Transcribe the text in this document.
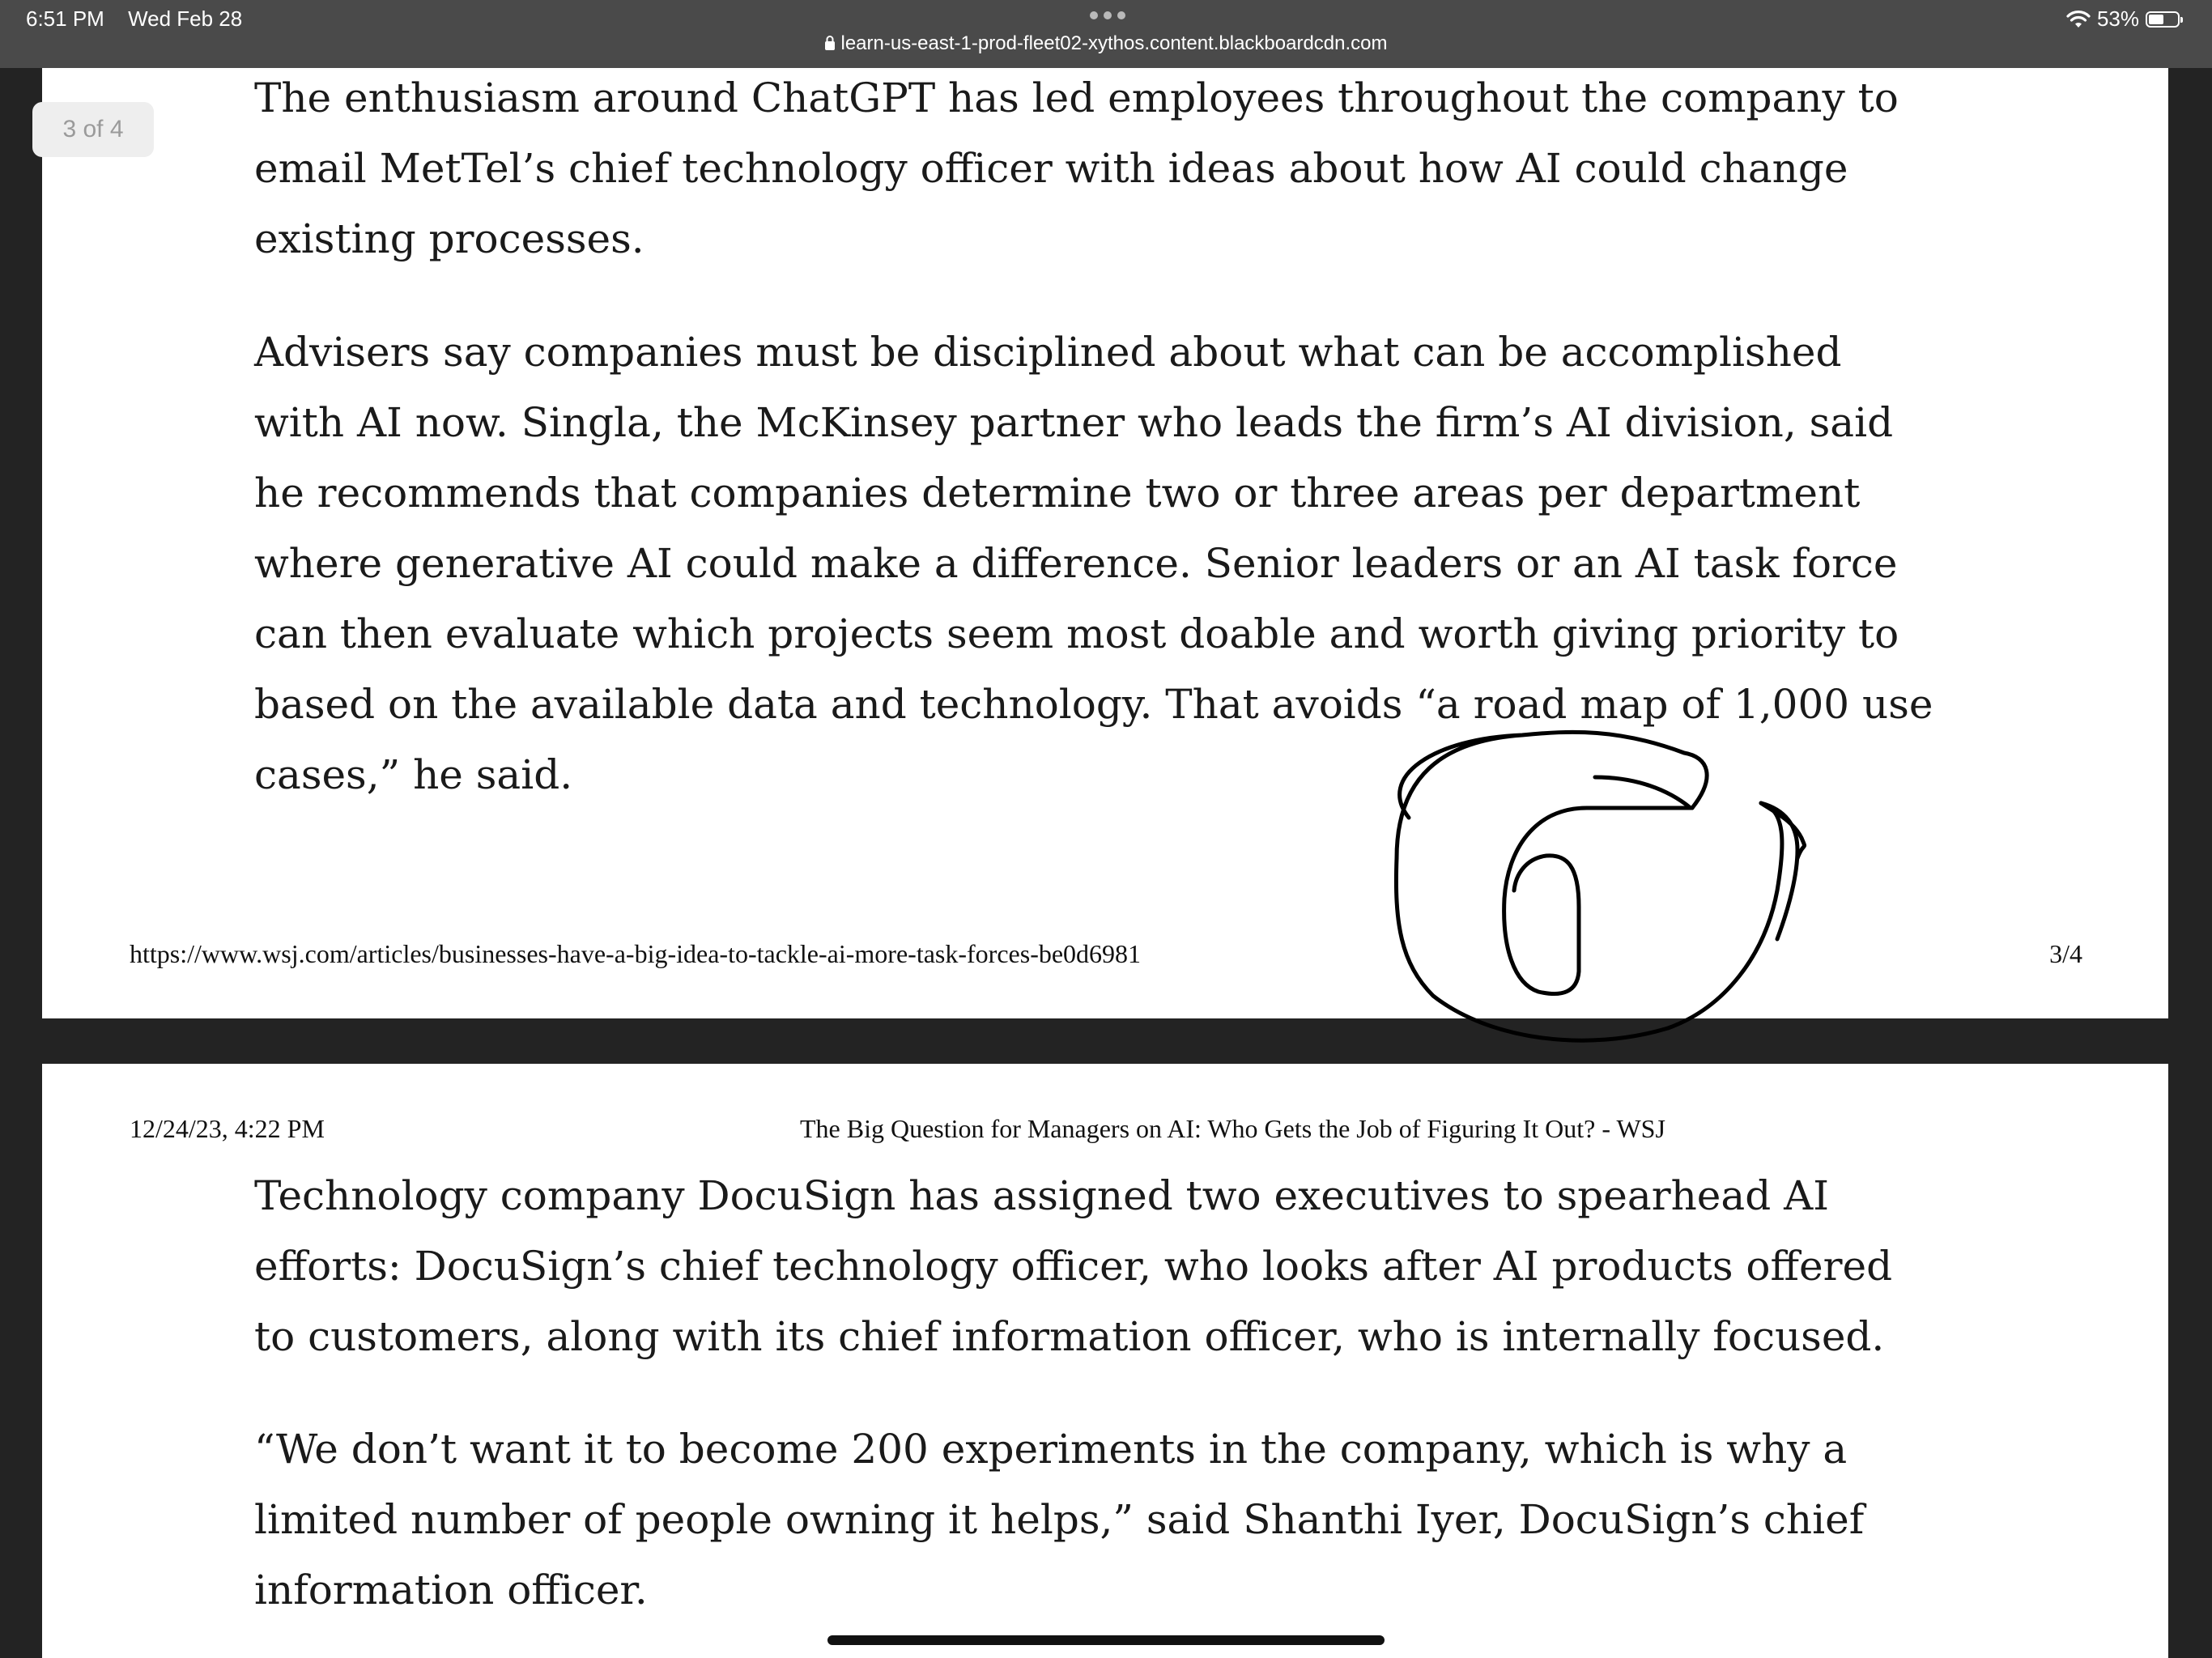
6:51 PM Wed Feb 28	53%
learn-us-east-1-prod-fleet02-xythos.content.blackboardcdn.com
3 of 4

The enthusiasm around ChatGPT has led employees throughout the company to
email MetTel’s chief technology officer with ideas about how AI could change
existing processes.

Advisers say companies must be disciplined about what can be accomplished
with AI now. Singla, the McKinsey partner who leads the firm’s AI division, said
he recommends that companies determine two or three areas per department
where generative AI could make a difference. Senior leaders or an AI task force
can then evaluate which projects seem most doable and worth giving priority to
based on the available data and technology. That avoids “a road map of 1,000 use
cases,” he said.

https://www.wsj.com/articles/businesses-have-a-big-idea-to-tackle-ai-more-task-forces-be0d6981	3/4
12/24/23, 4:22 PM	The Big Question for Managers on AI: Who Gets the Job of Figuring It Out? - WSJ

Technology company DocuSign has assigned two executives to spearhead AI
efforts: DocuSign’s chief technology officer, who looks after AI products offered
to customers, along with its chief information officer, who is internally focused.

“We don’t want it to become 200 experiments in the company, which is why a
limited number of people owning it helps,” said Shanthi Iyer, DocuSign’s chief
information officer.
